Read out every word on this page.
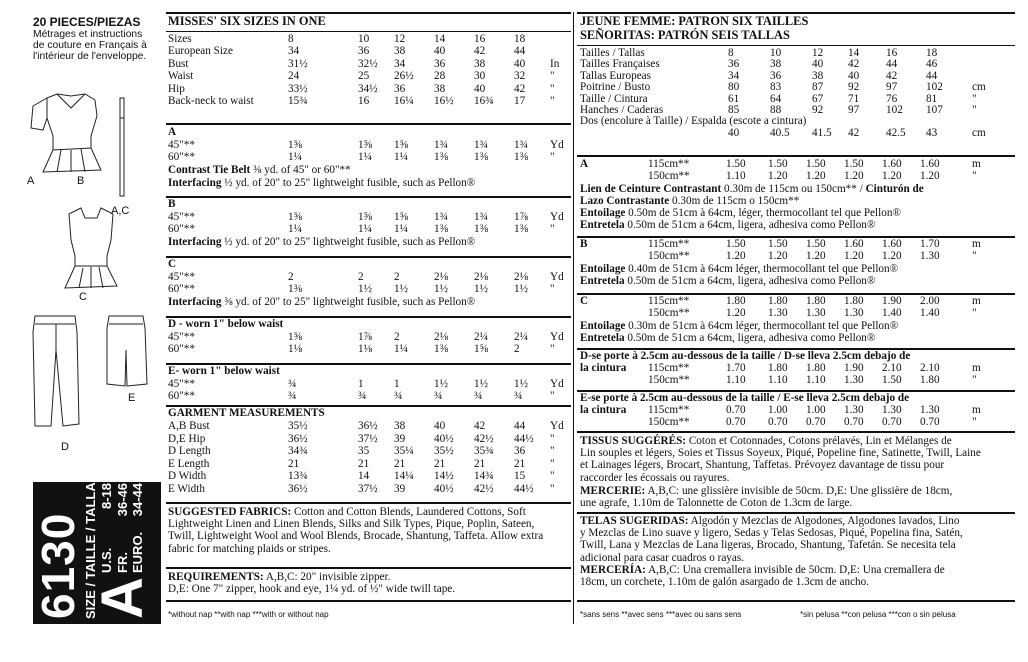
20 PIECES/PIEZAS
Métrages et instructions
de couture en Français à
l'intérieur de l'enveloppe.
A	B
A,C
C
E
D
6130 SIZE / TAILLE / TALLA
A
U.S.
8-18
FR.
36-46
EURO.
34-44
MISSES' SIX SIZES IN ONE
Sizes	8	10 12	14	16	18
European Size	34	36 38	40	42	44
Bust	31½	32½ 34	36	38	40 In
Waist	24	25 26½ 28	30	32 "
Hip	33½	34½ 36	38	40	42 "
Back-neck to waist	15¾	16 16¼ 16½ 16¾ 17 "
A
45"**	1⅝	1⅝ 1⅝ 1¾ 1¾ 1¾ Yd
60"**	1¼	1¼ 1¼ 1⅜ 1⅜ 1⅜ "
Contrast Tie Belt ⅜ yd. of 45" or 60"**
Interfacing ½ yd. of 20" to 25" lightweight fusible, such as Pellon®
B
45"**	1⅝	1⅝ 1⅝ 1¾ 1¾ 1⅞ Yd
60"**	1¼	1¼ 1¼ 1⅜ 1⅜ 1⅜ "
Interfacing ½ yd. of 20" to 25" lightweight fusible, such as Pellon®
C
45"**	2	2	2	2⅛ 2⅛ 2⅛ Yd
60"**	1⅜	1½ 1½ 1½ 1½ 1½ "
Interfacing ⅜ yd. of 20" to 25" lightweight fusible, such as Pellon®
D - worn 1" below waist
45"**	1⅝	1⅞ 2	2⅛ 2¼ 2¼ Yd
60"**	1⅛	1⅛ 1¼ 1⅜ 1⅝ 2	"
E- worn 1" below waist
45"**	¾	1	1	1½ 1½ 1½ Yd
60"**	¾	¾ ¾	¾	¾	¾ "
GARMENT MEASUREMENTS
A,B Bust	35½	36½ 38	40	42	44 Yd
D,E Hip	36½	37½ 39	40½ 42½ 44½ "
D Length	34¾	35 35¼ 35½ 35¾ 36 "
E Length	21	21 21	21	21	21 "
D Width	13¾	14 14¼ 14½ 14¾ 15 "
E Width	36½	37½ 39	40½ 42½ 44½ "
SUGGESTED FABRICS: Cotton and Cotton Blends, Laundered Cottons, Soft
Lightweight Linen and Linen Blends, Silks and Silk Types, Pique, Poplin, Sateen,
Twill, Lightweight Wool and Wool Blends, Brocade, Shantung, Taffeta. Allow extra
fabric for matching plaids or stripes.
REQUIREMENTS: A,B,C: 20" invisible zipper.
D,E: One 7" zipper, hook and eye, 1¼ yd. of ½" wide twill tape.
JEUNE FEMME: PATRON SIX TAILLES
SEÑORITAS: PATRÓN SEIS TALLAS
Tailles / Tallas	8	10	12 14 16	18
Tailles Françaises	36	38	40 42 44	46
Tallas Europeas	34	36	38 40 42	44
Poitrine / Busto	80	83	87 92 97	102	cm
Taille / Cintura	61	64	67 71 76	81	"
Hanches / Caderas	85	88	92 97 102 107	"
Dos (encolure à Taille) / Espalda (escote a cintura)
40	40.5 41.5 42 42.5 43	cm
A	115cm**	1.50 1.50 1.50 1.50 1.60 1.60	m
150cm**	1.10 1.20 1.20 1.20 1.20 1.20	"
Lien de Ceinture Contrastant 0.30m de 115cm ou 150cm** / Cinturón de
Lazo Contrastante 0.30m de 115cm o 150cm**
Entoilage 0.50m de 51cm à 64cm, léger, thermocollant tel que Pellon®
Entretela 0.50m de 51cm a 64cm, ligera, adhesiva como Pellon®
B	115cm**	1.50 1.50 1.50 1.60 1.60 1.70	m
150cm**	1.20 1.20 1.20 1.20 1.20 1.30	"
Entoilage 0.40m de 51cm à 64cm léger, thermocollant tel que Pellon®
Entretela 0.50m de 51cm a 64cm, ligera, adhesiva como Pellon®
C	115cm**	1.80 1.80 1.80 1.80 1.90 2.00	m
150cm**	1.20 1.30 1.30 1.30 1.40 1.40	"
Entoilage 0.30m de 51cm à 64cm léger, thermocollant tel que Pellon®
Entretela 0.50m de 51cm a 64cm, ligera, adhesiva como Pellon®
D-se porte à 2.5cm au-dessous de la taille / D-se lleva 2.5cm debajo de
la cintura 115cm**	1.70 1.80 1.80 1.90 2.10 2.10	m
150cm**	1.10 1.10 1.10 1.30 1.50 1.80	"
E-se porte à 2.5cm au-dessous de la taille / E-se lleva 2.5cm debajo de
la cintura 115cm**	0.70 1.00 1.00 1.30 1.30 1.30	m
150cm**	0.70 0.70 0.70 0.70 0.70 0.70	"
TISSUS SUGGÉRÉS: Coton et Cotonnades, Cotons prélavés, Lin et Mélanges de
Lin souples et légers, Soies et Tissus Soyeux, Piqué, Popeline fine, Satinette, Twill, Laine
et Lainages légers, Brocart, Shantung, Taffetas. Prévoyez davantage de tissu pour
raccorder les écossais ou rayures.
MERCERIE: A,B,C: une glissière invisible de 50cm. D,E: Une glissière de 18cm,
une agrafe, 1.10m de Talonnette de Coton de 1.3cm de large.
TELAS SUGERIDAS: Algodón y Mezclas de Algodones, Algodones lavados, Lino
y Mezclas de Lino suave y ligero, Sedas y Telas Sedosas, Piqué, Popelina fina, Satén,
Twill, Lana y Mezclas de Lana ligeras, Brocado, Shantung, Tafetán. Se necesita tela
adicional para casar cuadros o rayas.
MERCERÍA: A,B,C: Una cremallera invisible de 50cm. D,E: Una cremallera de
18cm, un corchete, 1.10m de galón asargado de 1.3cm de ancho.
*without nap **with nap ***with or without nap	*sans sens **avec sens ***avec ou sans sens	*sin pelusa **con pelusa ***con o sin pelusa
